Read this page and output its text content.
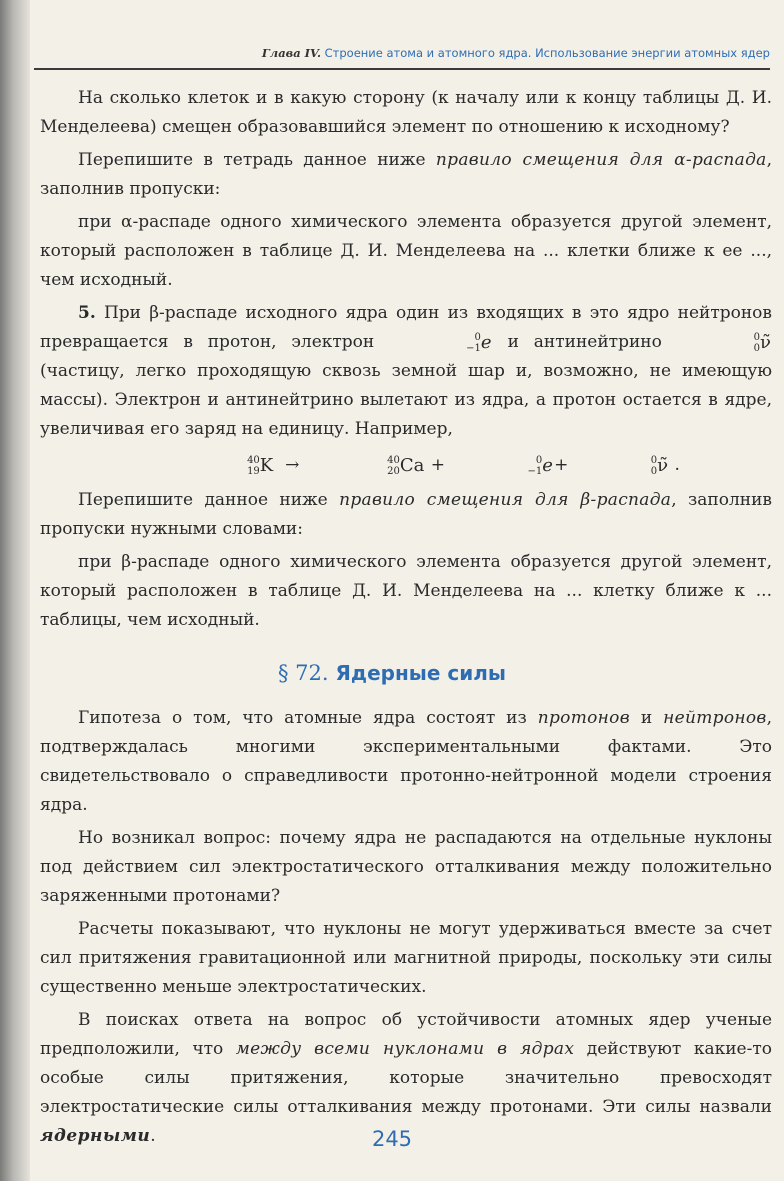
Глава IV. Строение атома и атомного ядра. Использование энергии атомных ядер

На сколько клеток и в какую сторону (к началу или к концу таблицы Д. И. Менделеева) смещен образовавшийся элемент по отношению к исходному?

Перепишите в тетрадь данное ниже правило смещения для α-распада, заполнив пропуски:

при α-распаде одного химического элемента образуется другой элемент, который расположен в таблице Д. И. Менделеева на ... клетки ближе к ее ..., чем исходный.

5. При β-распаде исходного ядра один из входящих в это ядро нейтронов превращается в протон, электрон	0
−1 e и антинейтрино	0
0 ν̃ (частицу, легко проходящую сквозь земной шар и, возможно, не имеющую массы). Электрон и антинейтрино вылетают из ядра, а протон остается в ядре, увеличивая его заряд на единицу. Например,

40
19 K →	40
20 Ca +	0
−1 e+	0
0 ν̃ .

Перепишите данное ниже правило смещения для β-распада, заполнив пропуски нужными словами:

при β-распаде одного химического элемента образуется другой элемент, который расположен в таблице Д. И. Менделеева на ... клетку ближе к ... таблицы, чем исходный.

§ 72. Ядерные силы

Гипотеза о том, что атомные ядра состоят из протонов и нейтронов, подтверждалась многими экспериментальными фактами. Это свидетельствовало о справедливости протонно-нейтронной модели строения ядра.

Но возникал вопрос: почему ядра не распадаются на отдельные нуклоны под действием сил электростатического отталкивания между положительно заряженными протонами?

Расчеты показывают, что нуклоны не могут удерживаться вместе за счет сил притяжения гравитационной или магнитной природы, поскольку эти силы существенно меньше электростатических.

В поисках ответа на вопрос об устойчивости атомных ядер ученые предположили, что между всеми нуклонами в ядрах действуют какие-то особые силы притяжения, которые значительно превосходят электростатические силы отталкивания между протонами. Эти силы назвали ядерными.	245
